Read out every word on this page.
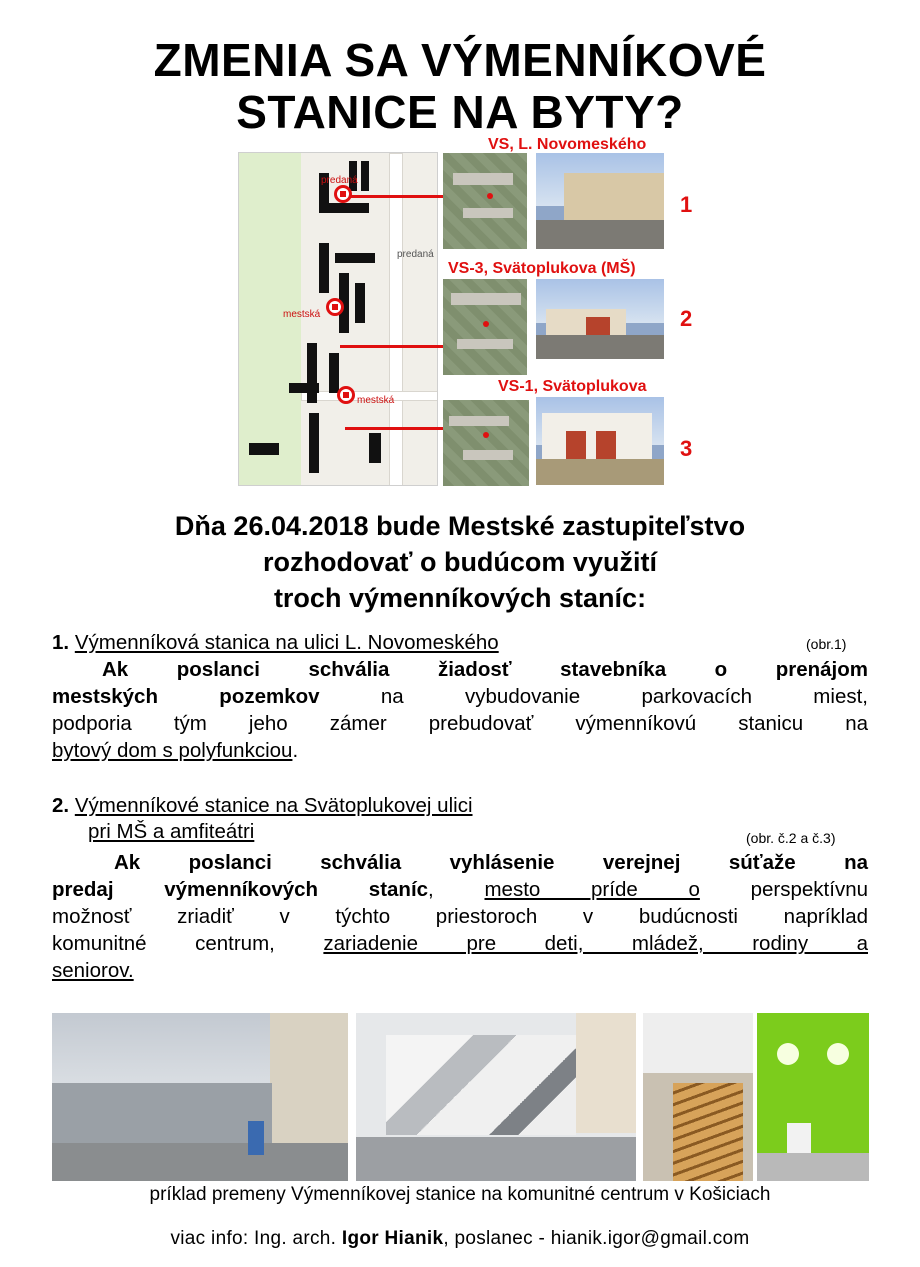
ZMENIA SA VÝMENNÍKOVÉ
STANICE NA BYTY?
predaná
predaná
mestská
mestská
VS, L. Novomeského
1
VS-3, Svätoplukova (MŠ)
2
VS-1, Svätoplukova
3
Dňa 26.04.2018 bude Mestské zastupiteľstvo
rozhodovať o budúcom využití
troch výmenníkových staníc:
1. Výmenníková stanica na ulici L. Novomeského	(obr.1)
Ak poslanci schvália žiadosť stavebníka o prenájom
mestských pozemkov na vybudovanie parkovacích miest,
podporia tým jeho zámer prebudovať výmenníkovú stanicu na
bytový dom s polyfunkciou.
2. Výmenníkové stanice na Svätoplukovej ulici
pri MŠ a amfiteátri	(obr. č.2 a č.3)
Ak poslanci schvália vyhlásenie verejnej súťaže na
predaj výmenníkových staníc, mesto príde o perspektívnu
možnosť zriadiť v týchto priestoroch v budúcnosti napríklad
komunitné centrum, zariadenie pre deti, mládež, rodiny a
seniorov.
príklad premeny Výmenníkovej stanice na komunitné centrum v Košiciach
viac info: Ing. arch. Igor Hianik, poslanec - hianik.igor@gmail.com
